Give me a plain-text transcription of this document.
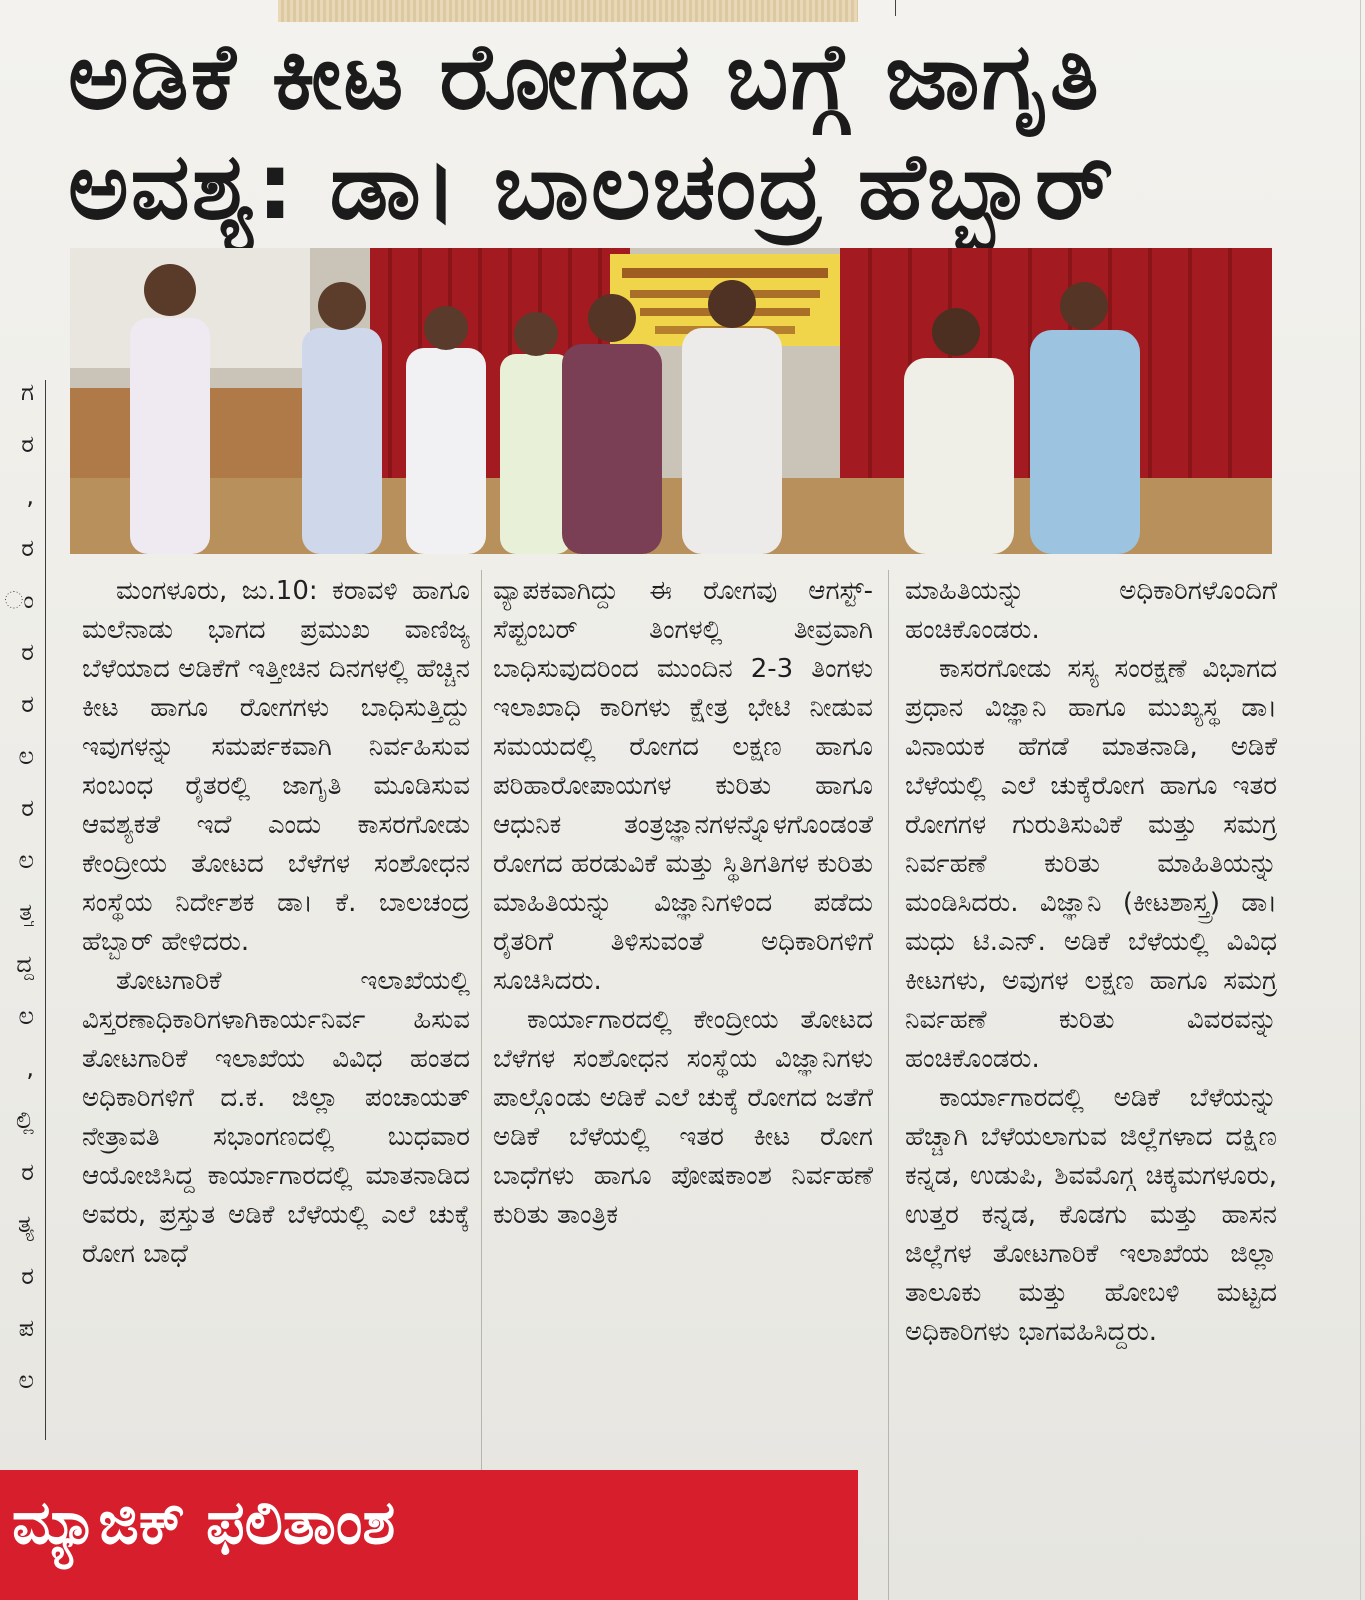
ಗ
ರ
,
ರ
ಂ
ರ
ರ
ಲ
ರ
ಲ
ತ್ತ
ದ್ದ
ಲ
,
ಲ್ಲಿ
ರ
ತ್ಯ
ರ
ಪ
ಲ
ಅಡಿಕೆ ಕೀಟ ರೋಗದ ಬಗ್ಗೆ ಜಾಗೃತಿ
ಅವಶ್ಯ: ಡಾ। ಬಾಲಚಂದ್ರ ಹೆಬ್ಬಾರ್

ಮಂಗಳೂರು, ಜು.10: ಕರಾವಳಿ ಹಾಗೂ ಮಲೆನಾಡು ಭಾಗದ ಪ್ರಮುಖ ವಾಣಿಜ್ಯ ಬೆಳೆಯಾದ ಅಡಿಕೆಗೆ ಇತ್ತೀಚಿನ ದಿನಗಳಲ್ಲಿ ಹೆಚ್ಚಿನ ಕೀಟ ಹಾಗೂ ರೋಗಗಳು ಬಾಧಿಸುತ್ತಿದ್ದು ಇವುಗಳನ್ನು ಸಮರ್ಪಕವಾಗಿ ನಿರ್ವಹಿಸುವ ಸಂಬಂಧ ರೈತರಲ್ಲಿ ಜಾಗೃತಿ ಮೂಡಿಸುವ ಆವಶ್ಯಕತೆ ಇದೆ ಎಂದು ಕಾಸರಗೋಡು ಕೇಂದ್ರೀಯ ತೋಟದ ಬೆಳೆಗಳ ಸಂಶೋಧನ ಸಂಸ್ಥೆಯ ನಿರ್ದೇಶಕ ಡಾ। ಕೆ. ಬಾಲಚಂದ್ರ ಹೆಬ್ಬಾರ್ ಹೇಳಿದರು.

ತೋಟಗಾರಿಕೆ ಇಲಾಖೆಯಲ್ಲಿ ವಿಸ್ತರಣಾಧಿಕಾರಿಗಳಾಗಿಕಾರ್ಯನಿರ್ವ ಹಿಸುವ ತೋಟಗಾರಿಕೆ ಇಲಾಖೆಯ ವಿವಿಧ ಹಂತದ ಅಧಿಕಾರಿಗಳಿಗೆ ದ.ಕ. ಜಿಲ್ಲಾ ಪಂಚಾಯತ್ ನೇತ್ರಾವತಿ ಸಭಾಂಗಣದಲ್ಲಿ ಬುಧವಾರ ಆಯೋಜಿಸಿದ್ದ ಕಾರ್ಯಾಗಾರದಲ್ಲಿ ಮಾತನಾಡಿದ ಅವರು, ಪ್ರಸ್ತುತ ಅಡಿಕೆ ಬೆಳೆಯಲ್ಲಿ ಎಲೆ ಚುಕ್ಕೆ ರೋಗ ಬಾಧೆ

ವ್ಯಾಪಕವಾಗಿದ್ದು ಈ ರೋಗವು ಆಗಸ್ಟ್- ಸೆಪ್ಟಂಬರ್ ತಿಂಗಳಲ್ಲಿ ತೀವ್ರವಾಗಿ ಬಾಧಿಸುವುದರಿಂದ ಮುಂದಿನ 2-3 ತಿಂಗಳು ಇಲಾಖಾಧಿ ಕಾರಿಗಳು ಕ್ಷೇತ್ರ ಭೇಟಿ ನೀಡುವ ಸಮಯದಲ್ಲಿ ರೋಗದ ಲಕ್ಷಣ ಹಾಗೂ ಪರಿಹಾರೋಪಾಯಗಳ ಕುರಿತು ಹಾಗೂ ಆಧುನಿಕ ತಂತ್ರಜ್ಞಾನಗಳನ್ನೊಳಗೊಂಡಂತೆ ರೋಗದ ಹರಡುವಿಕೆ ಮತ್ತು ಸ್ಥಿತಿಗತಿಗಳ ಕುರಿತು ಮಾಹಿತಿಯನ್ನು ವಿಜ್ಞಾನಿಗಳಿಂದ ಪಡೆದು ರೈತರಿಗೆ ತಿಳಿಸುವಂತೆ ಅಧಿಕಾರಿಗಳಿಗೆ ಸೂಚಿಸಿದರು.

ಕಾರ್ಯಾಗಾರದಲ್ಲಿ ಕೇಂದ್ರೀಯ ತೋಟದ ಬೆಳೆಗಳ ಸಂಶೋಧನ ಸಂಸ್ಥೆಯ ವಿಜ್ಞಾನಿಗಳು ಪಾಲ್ಗೊಂಡು ಅಡಿಕೆ ಎಲೆ ಚುಕ್ಕೆ ರೋಗದ ಜತೆಗೆ ಅಡಿಕೆ ಬೆಳೆಯಲ್ಲಿ ಇತರ ಕೀಟ ರೋಗ ಬಾಧೆಗಳು ಹಾಗೂ ಪೋಷಕಾಂಶ ನಿರ್ವಹಣೆ ಕುರಿತು ತಾಂತ್ರಿಕ

ಮಾಹಿತಿಯನ್ನು ಅಧಿಕಾರಿಗಳೊಂದಿಗೆ ಹಂಚಿಕೊಂಡರು.

ಕಾಸರಗೋಡು ಸಸ್ಯ ಸಂರಕ್ಷಣೆ ವಿಭಾಗದ ಪ್ರಧಾನ ವಿಜ್ಞಾನಿ ಹಾಗೂ ಮುಖ್ಯಸ್ಥ ಡಾ। ವಿನಾಯಕ ಹೆಗಡೆ ಮಾತನಾಡಿ, ಅಡಿಕೆ ಬೆಳೆಯಲ್ಲಿ ಎಲೆ ಚುಕ್ಕೆರೋಗ ಹಾಗೂ ಇತರ ರೋಗಗಳ ಗುರುತಿಸುವಿಕೆ ಮತ್ತು ಸಮಗ್ರ ನಿರ್ವಹಣೆ ಕುರಿತು ಮಾಹಿತಿಯನ್ನು ಮಂಡಿಸಿದರು. ವಿಜ್ಞಾನಿ (ಕೀಟಶಾಸ್ತ್ರ) ಡಾ। ಮಧು ಟಿ.ಎನ್. ಅಡಿಕೆ ಬೆಳೆಯಲ್ಲಿ ವಿವಿಧ ಕೀಟಗಳು, ಅವುಗಳ ಲಕ್ಷಣ ಹಾಗೂ ಸಮಗ್ರ ನಿರ್ವಹಣೆ ಕುರಿತು ವಿವರವನ್ನು ಹಂಚಿಕೊಂಡರು.

ಕಾರ್ಯಾಗಾರದಲ್ಲಿ ಅಡಿಕೆ ಬೆಳೆಯನ್ನು ಹೆಚ್ಚಾಗಿ ಬೆಳೆಯಲಾಗುವ ಜಿಲ್ಲೆಗಳಾದ ದಕ್ಷಿಣ ಕನ್ನಡ, ಉಡುಪಿ, ಶಿವಮೊಗ್ಗ ಚಿಕ್ಕಮಗಳೂರು, ಉತ್ತರ ಕನ್ನಡ, ಕೊಡಗು ಮತ್ತು ಹಾಸನ ಜಿಲ್ಲೆಗಳ ತೋಟಗಾರಿಕೆ ಇಲಾಖೆಯ ಜಿಲ್ಲಾ ತಾಲೂಕು ಮತ್ತು ಹೋಬಳಿ ಮಟ್ಟದ ಅಧಿಕಾರಿಗಳು ಭಾಗವಹಿಸಿದ್ದರು.

ಮ್ಯಾಜಿಕ್ ಫಲಿತಾಂಶ
